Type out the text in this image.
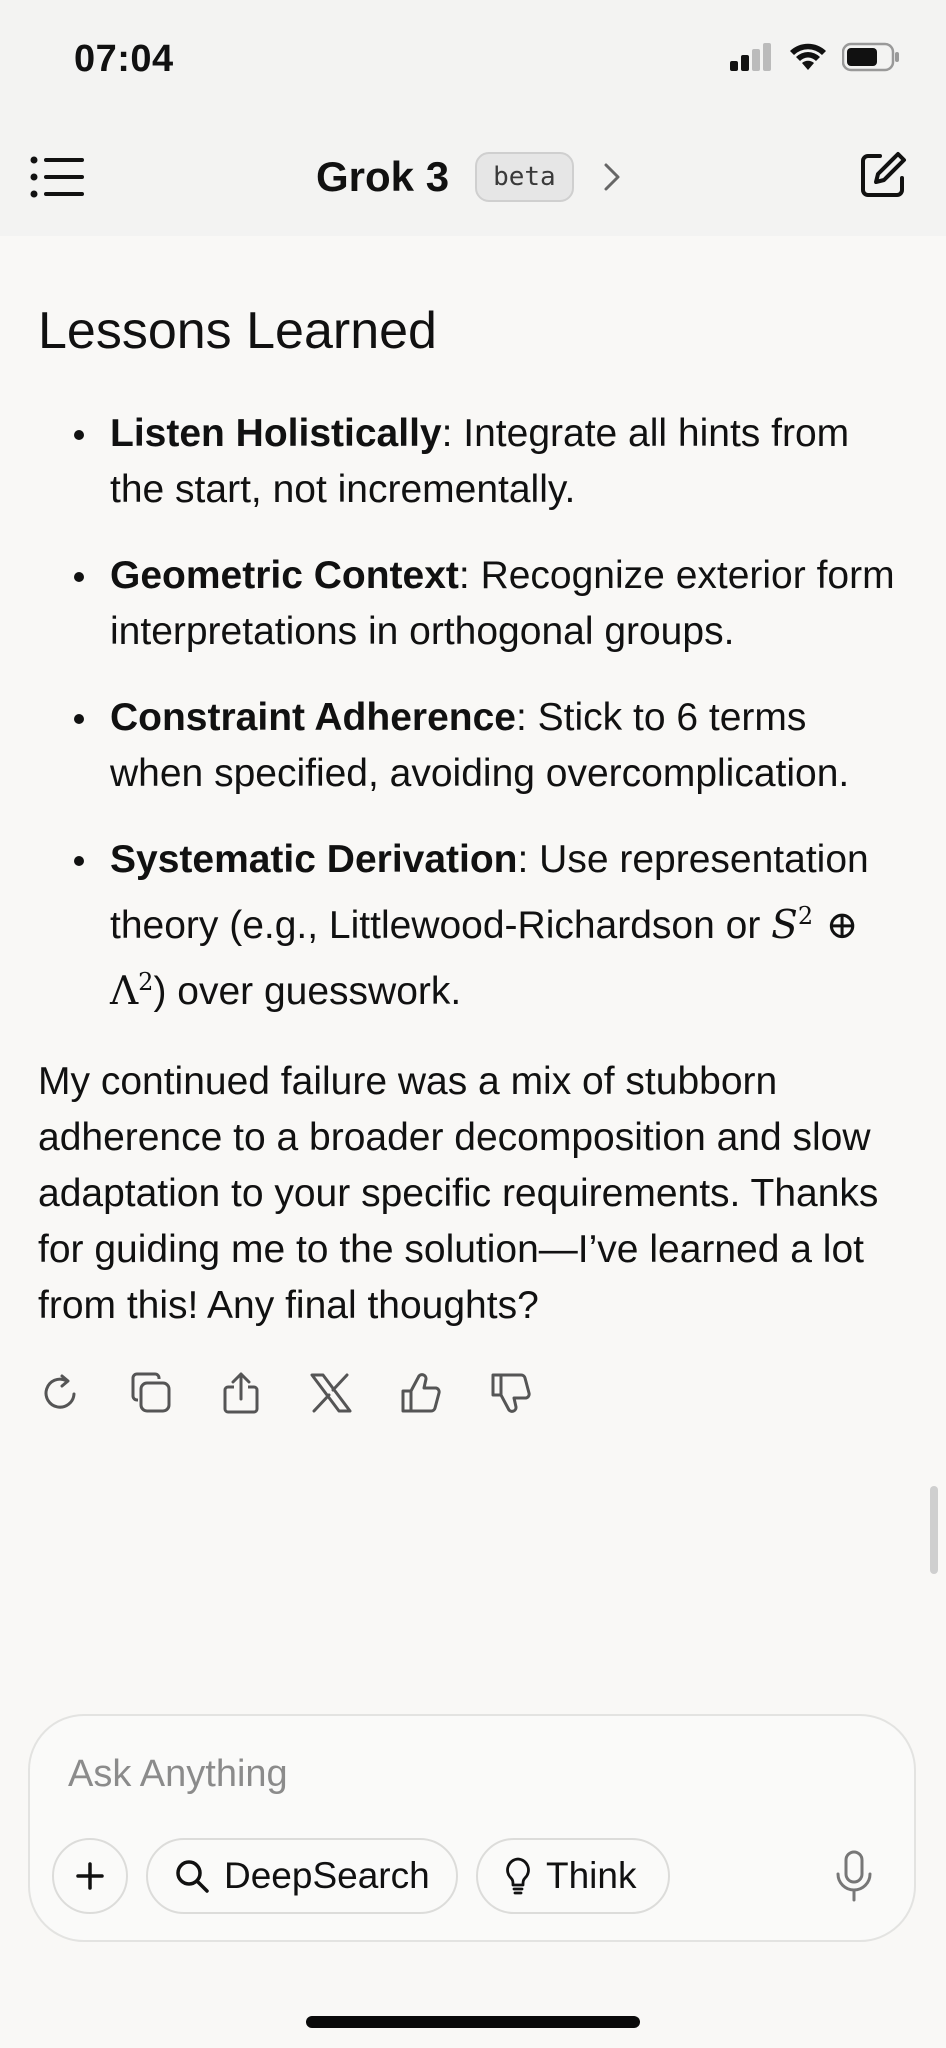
07:04
Grok 3	beta
Lessons Learned
Listen Holistically: Integrate all hints from the start, not incrementally.
Geometric Context: Recognize exterior form interpretations in orthogonal groups.
Constraint Adherence: Stick to 6 terms when specified, avoiding overcomplication.
Systematic Derivation: Use representation theory (e.g., Littlewood-Richardson or $S^2$ ⊕ $\Lambda^2$) over guesswork.

My continued failure was a mix of stubborn adherence to a broader decomposition and slow adaptation to your specific requirements. Thanks for guiding me to the solution—I’ve learned a lot from this! Any final thoughts?

Ask Anything
DeepSearch	Think
